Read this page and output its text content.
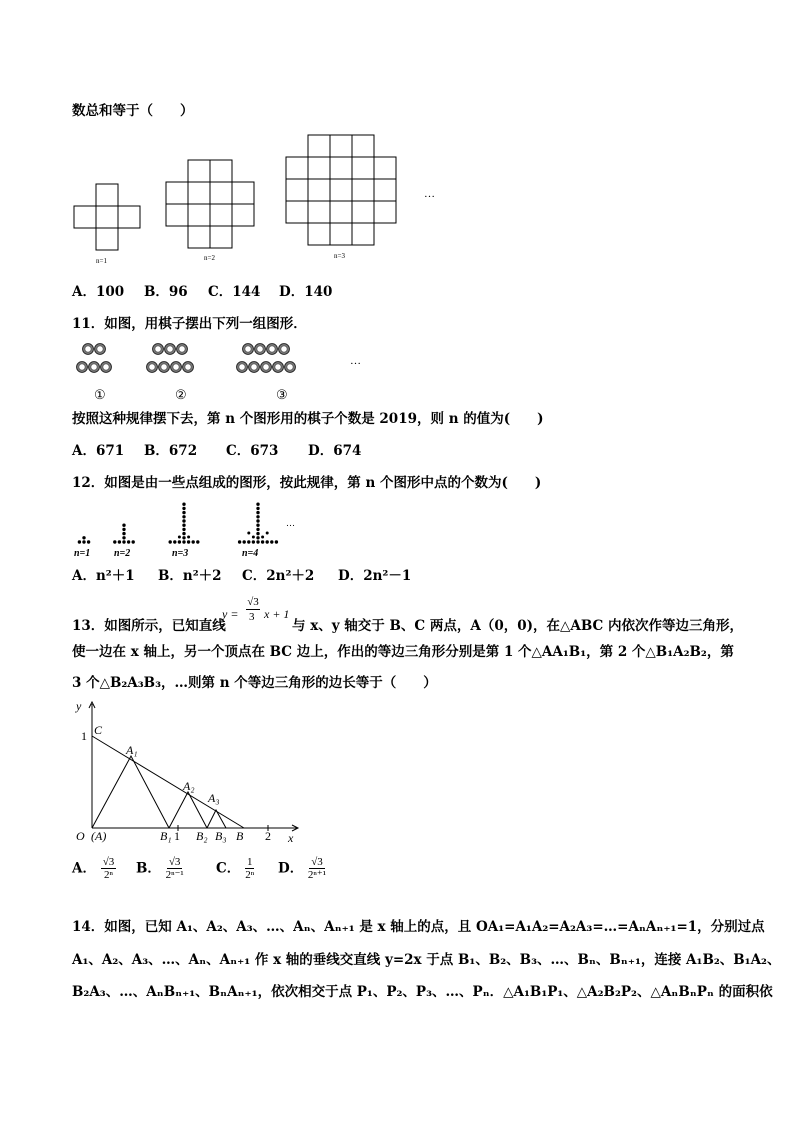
数总和等于（　　）
n=1	n=2	n=3
…
A．100 B．96 C．144 D．140
11．如图，用棋子摆出下列一组图形．
①	②	③
…
按照这种规律摆下去，第 n 个图形用的棋子个数是 2019，则 n 的值为(　　)
A．671 B．672 C．673 D．674
12．如图是由一些点组成的图形，按此规律，第 n 个图形中点的个数为(　　)
n=1 n=2	n=3	n=4
…
A．n²＋1 B．n²＋2 C．2n²＋2 D．2n²－1
13．如图所示，已知直线
y =
√3
3 x + 1
与 x、y 轴交于 B、C 两点，A（0，0)，在△ABC 内依次作等边三角形，
使一边在 x 轴上，另一个顶点在 BC 边上，作出的等边三角形分别是第 1 个△AA₁B₁，第 2 个△B₁A₂B₂，第
3 个△B₂A₃B₃，…则第 n 个等边三角形的边长等于（　　）
y
x
1 C
A₁
A₂
A₃
O (A)	B₁ 1 B₂ B₃ B 2
A． $\frac{√3}{\text{2ⁿ}}$ B． $\frac{√3}{\text{2ⁿ⁻¹}}$ C． $\frac{1}{\text{2ⁿ}}$ D． $\frac{√3}{\text{2ⁿ⁺¹}}$
14．如图，已知 A₁、A₂、A₃、…、Aₙ、Aₙ₊₁ 是 x 轴上的点，且 OA₁=A₁A₂=A₂A₃=…=AₙAₙ₊₁=1，分别过点
A₁、A₂、A₃、…、Aₙ、Aₙ₊₁ 作 x 轴的垂线交直线 y=2x 于点 B₁、B₂、B₃、…、Bₙ、Bₙ₊₁，连接 A₁B₂、B₁A₂、
B₂A₃、…、AₙBₙ₊₁、BₙAₙ₊₁，依次相交于点 P₁、P₂、P₃、…、Pₙ．△A₁B₁P₁、△A₂B₂P₂、△AₙBₙPₙ 的面积依
